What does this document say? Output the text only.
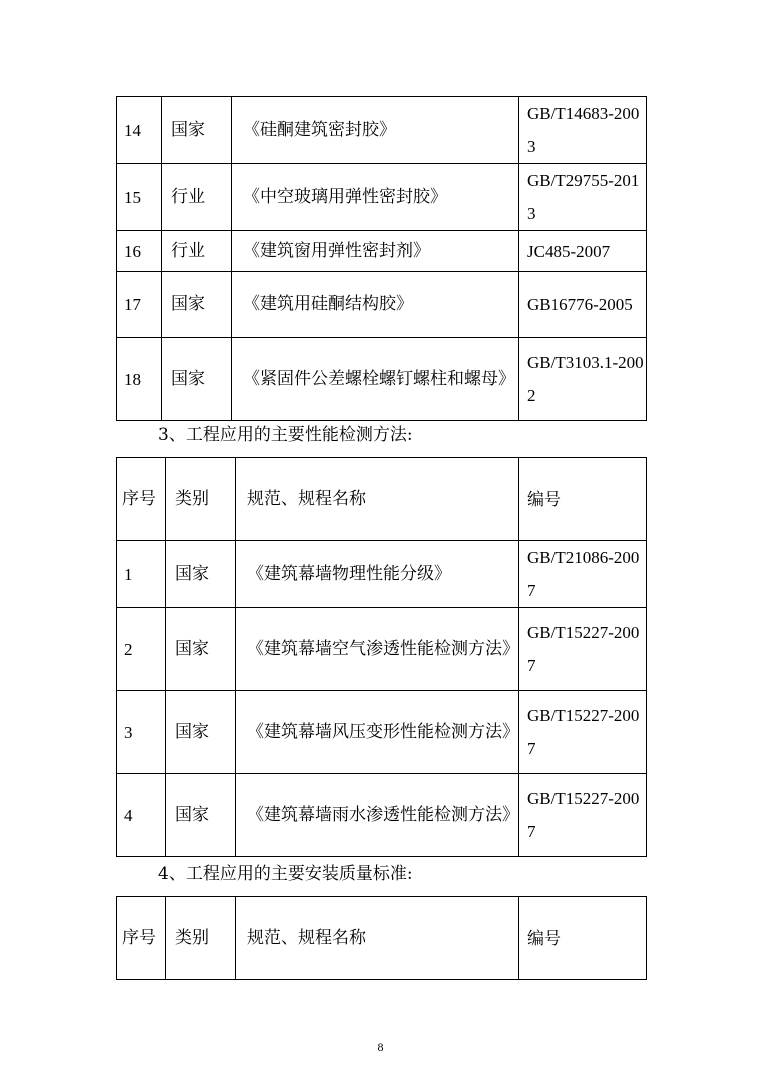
14	国家	《硅酮建筑密封胶》	GB/T14683-2003
15	行业	《中空玻璃用弹性密封胶》	GB/T29755-2013
16	行业	《建筑窗用弹性密封剂》	JC485-2007
17	国家	《建筑用硅酮结构胶》	GB16776-2005
18	国家	《紧固件公差螺栓螺钉螺柱和螺母》	GB/T3103.1-200 2
3、工程应用的主要性能检测方法:
序号	类别	规范、规程名称	编号
1	国家	《建筑幕墙物理性能分级》	GB/T21086-2007
2	国家	《建筑幕墙空气渗透性能检测方法》	GB/T15227-2007
3	国家	《建筑幕墙风压变形性能检测方法》	GB/T15227-2007
4	国家	《建筑幕墙雨水渗透性能检测方法》	GB/T15227-2007
4、工程应用的主要安装质量标准:
序号	类别	规范、规程名称	编号
8
